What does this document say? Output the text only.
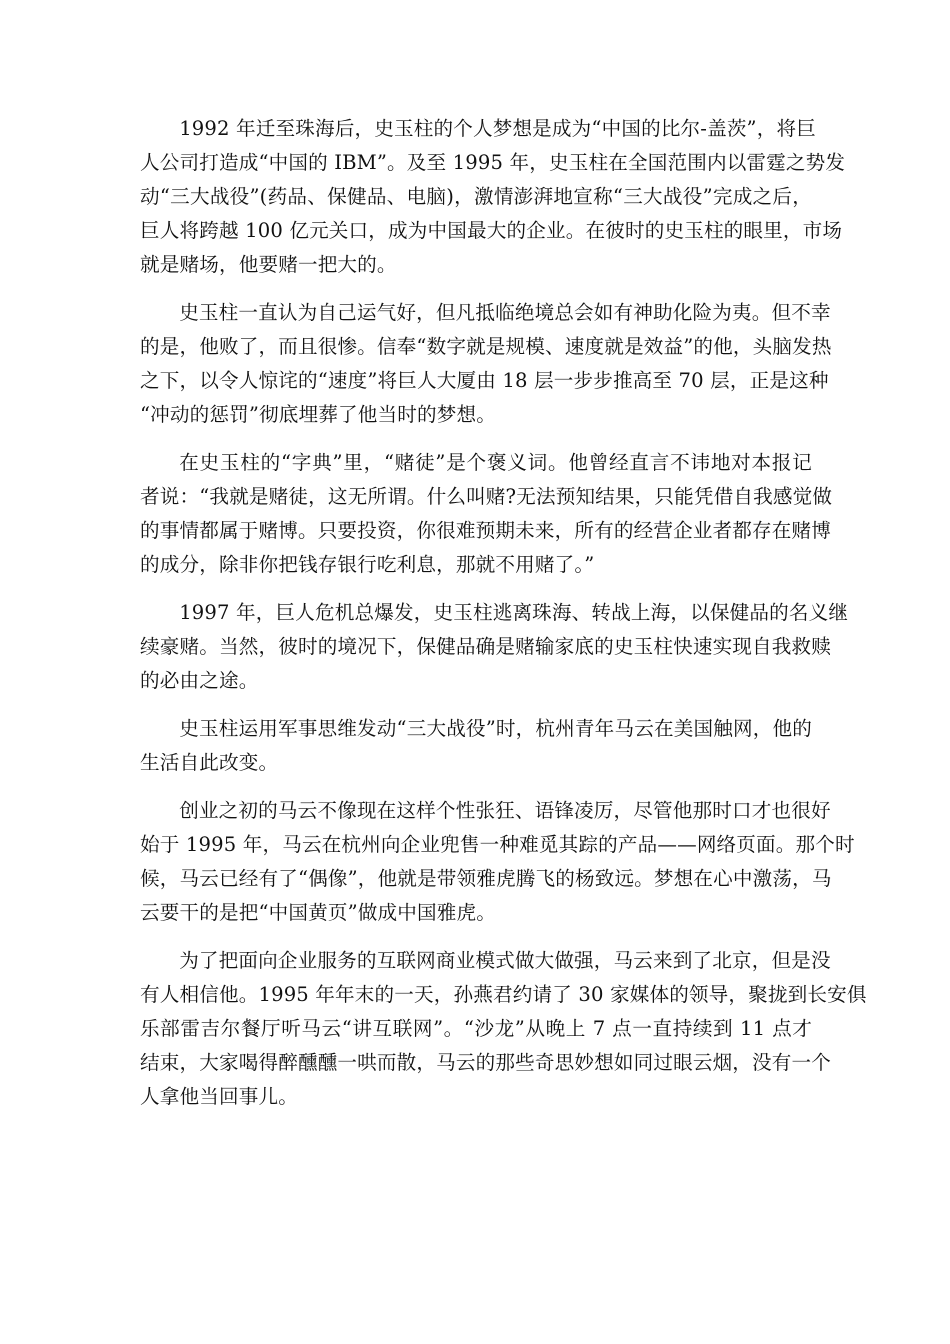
1992 年迁至珠海后，史玉柱的个人梦想是成为“中国的比尔-盖茨”，将巨
人公司打造成“中国的 IBM”。及至 1995 年，史玉柱在全国范围内以雷霆之势发
动“三大战役”(药品、保健品、电脑)，激情澎湃地宣称“三大战役”完成之后，
巨人将跨越 100 亿元关口，成为中国最大的企业。在彼时的史玉柱的眼里，市场
就是赌场，他要赌一把大的。

史玉柱一直认为自己运气好，但凡抵临绝境总会如有神助化险为夷。但不幸
的是，他败了，而且很惨。信奉“数字就是规模、速度就是效益”的他，头脑发热
之下，以令人惊诧的“速度”将巨人大厦由 18 层一步步推高至 70 层，正是这种
“冲动的惩罚”彻底埋葬了他当时的梦想。

在史玉柱的“字典”里，“赌徒”是个褒义词。他曾经直言不讳地对本报记
者说：“我就是赌徒，这无所谓。什么叫赌?无法预知结果，只能凭借自我感觉做
的事情都属于赌博。只要投资，你很难预期未来，所有的经营企业者都存在赌博
的成分，除非你把钱存银行吃利息，那就不用赌了。”

1997 年，巨人危机总爆发，史玉柱逃离珠海、转战上海，以保健品的名义继
续豪赌。当然，彼时的境况下，保健品确是赌输家底的史玉柱快速实现自我救赎
的必由之途。

史玉柱运用军事思维发动“三大战役”时，杭州青年马云在美国触网，他的
生活自此改变。

创业之初的马云不像现在这样个性张狂、语锋凌厉，尽管他那时口才也很好
始于 1995 年，马云在杭州向企业兜售一种难觅其踪的产品——网络页面。那个时
候，马云已经有了“偶像”，他就是带领雅虎腾飞的杨致远。梦想在心中激荡，马
云要干的是把“中国黄页”做成中国雅虎。

为了把面向企业服务的互联网商业模式做大做强，马云来到了北京，但是没
有人相信他。1995 年年末的一天，孙燕君约请了 30 家媒体的领导，聚拢到长安俱
乐部雷吉尔餐厅听马云“讲互联网”。“沙龙”从晚上 7 点一直持续到 11 点才
结束，大家喝得醉醺醺一哄而散，马云的那些奇思妙想如同过眼云烟，没有一个
人拿他当回事儿。
